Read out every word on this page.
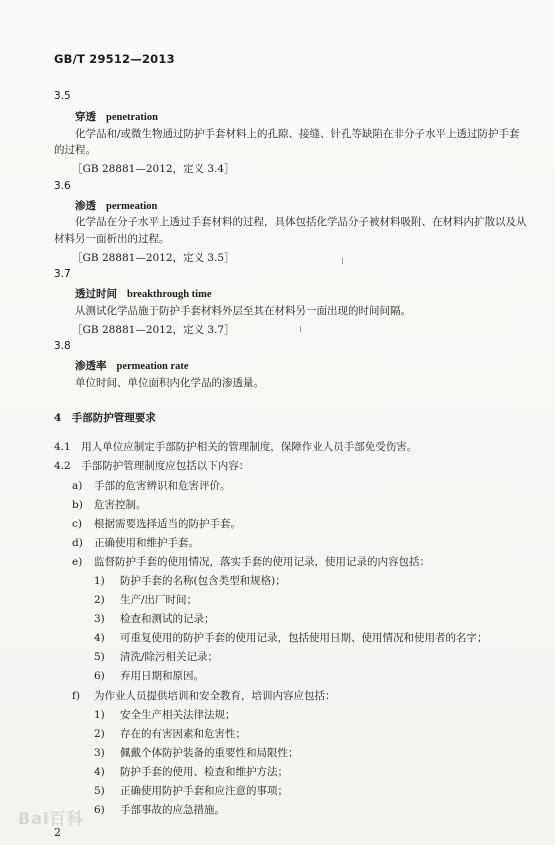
GB/T 29512—2013
3.5
穿透 penetration
化学品和/或微生物通过防护手套材料上的孔隙、接缝、针孔等缺陷在非分子水平上透过防护手套
的过程。
［GB 28881—2012，定义 3.4］
3.6
渗透 permeation
化学品在分子水平上透过手套材料的过程，具体包括化学品分子被材料吸附、在材料内扩散以及从
材料另一面析出的过程。
［GB 28881—2012，定义 3.5］
3.7
透过时间 breakthrough time
从测试化学品施于防护手套材料外层至其在材料另一面出现的时间间隔。
［GB 28881—2012，定义 3.7］
3.8
渗透率 permeation rate
单位时间、单位面积内化学品的渗透量。
4　手部防护管理要求
4.1　用人单位应制定手部防护相关的管理制度，保障作业人员手部免受伤害。
4.2　手部防护管理制度应包括以下内容：
a) 手部的危害辨识和危害评价。
b) 危害控制。
c) 根据需要选择适当的防护手套。
d) 正确使用和维护手套。
e) 监督防护手套的使用情况，落实手套的使用记录，使用记录的内容包括：
1) 防护手套的名称(包含类型和规格)；
2) 生产/出厂时间；
3) 检查和测试的记录；
4) 可重复使用的防护手套的使用记录，包括使用日期、使用情况和使用者的名字；
5) 清洗/除污相关记录；
6) 弃用日期和原因。
f) 为作业人员提供培训和安全教育，培训内容应包括：
1) 安全生产相关法律法规；
2) 存在的有害因素和危害性；
3) 佩戴个体防护装备的重要性和局限性；
4) 防护手套的使用、检查和维护方法；
5) 正确使用防护手套和应注意的事项；
6) 手部事故的应急措施。
Bai百科
2
